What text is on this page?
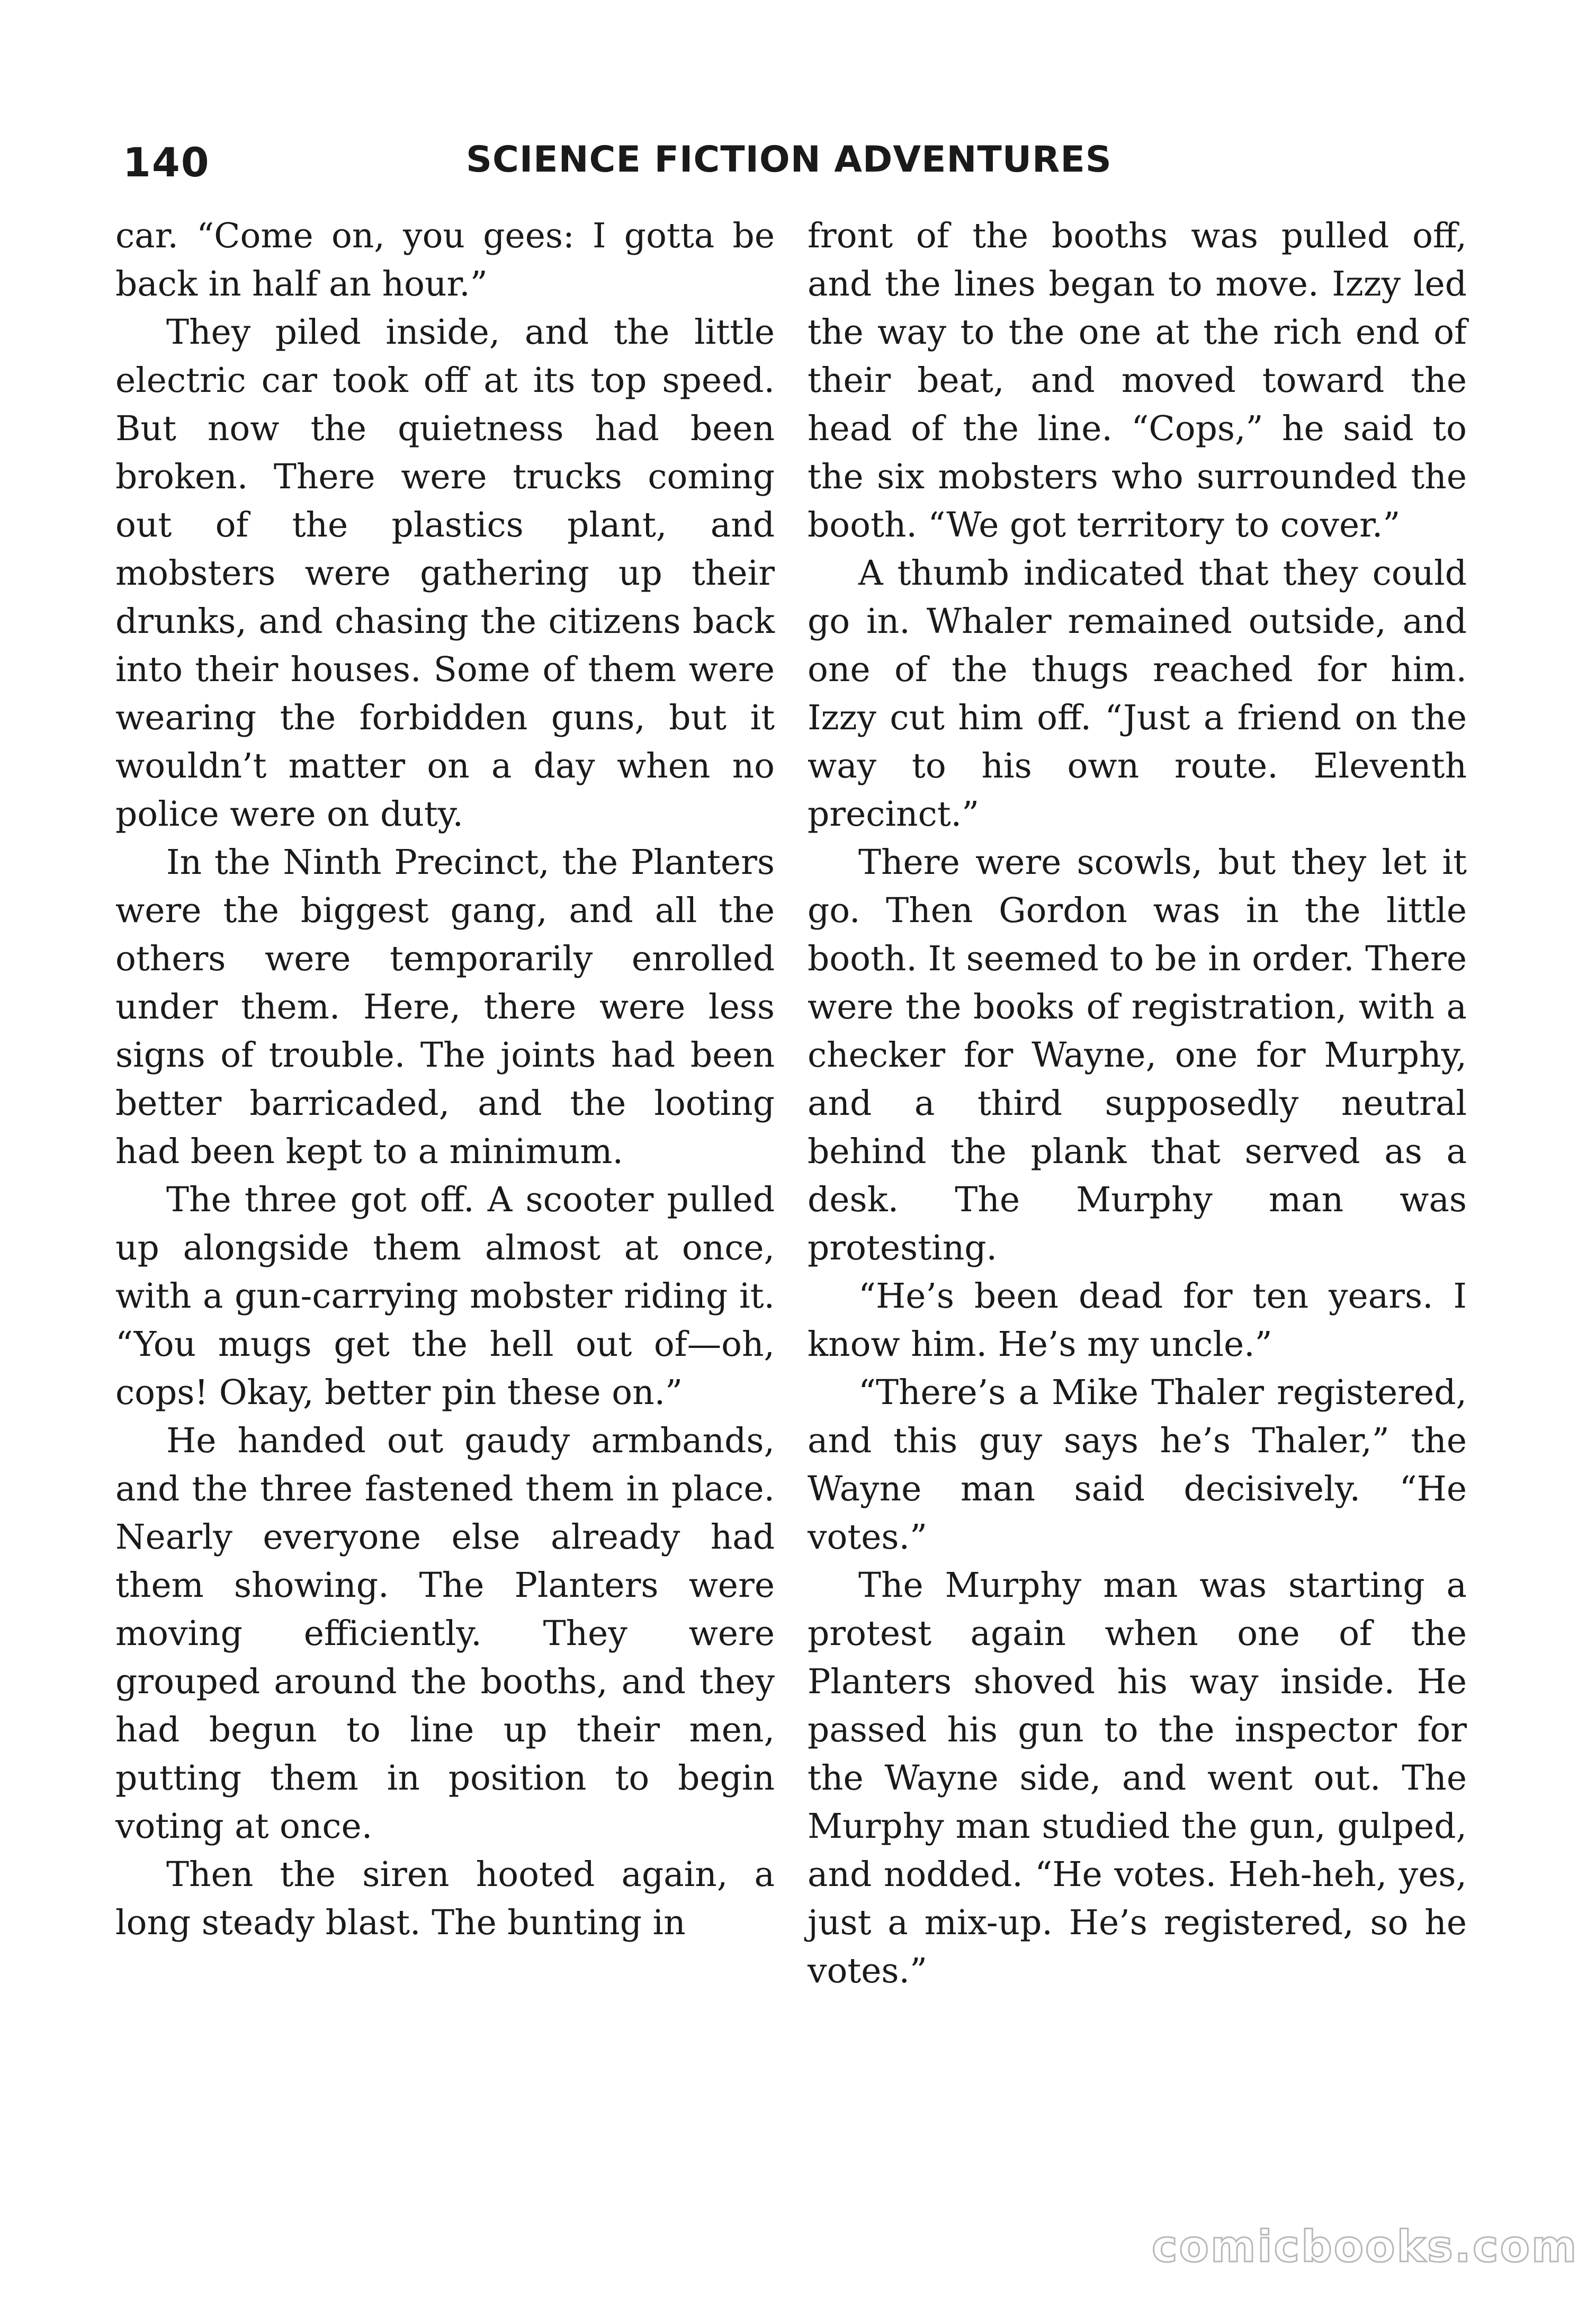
140	SCIENCE FICTION ADVENTURES

car. “Come on, you gees: I gotta be back in half an hour.”

They piled inside, and the little electric car took off at its top speed. But now the quietness had been broken. There were trucks coming out of the plastics plant, and mobsters were gathering up their drunks, and chasing the citizens back into their houses. Some of them were wearing the forbidden guns, but it wouldn’t matter on a day when no police were on duty.

In the Ninth Precinct, the Planters were the biggest gang, and all the others were temporarily enrolled under them. Here, there were less signs of trouble. The joints had been better barricaded, and the looting had been kept to a minimum.

The three got off. A scooter pulled up alongside them almost at once, with a gun-carrying mobster riding it. “You mugs get the hell out of—oh, cops! Okay, better pin these on.”

He handed out gaudy armbands, and the three fastened them in place. Nearly everyone else already had them showing. The Planters were moving efficiently. They were grouped around the booths, and they had begun to line up their men, putting them in position to begin voting at once.

Then the siren hooted again, a long steady blast. The bunting in

front of the booths was pulled off, and the lines began to move. Izzy led the way to the one at the rich end of their beat, and moved toward the head of the line. “Cops,” he said to the six mobsters who surrounded the booth. “We got territory to cover.”

A thumb indicated that they could go in. Whaler remained outside, and one of the thugs reached for him. Izzy cut him off. “Just a friend on the way to his own route. Eleventh precinct.”

There were scowls, but they let it go. Then Gordon was in the little booth. It seemed to be in order. There were the books of registration, with a checker for Wayne, one for Murphy, and a third supposedly neutral behind the plank that served as a desk. The Murphy man was protesting.

“He’s been dead for ten years. I know him. He’s my uncle.”

“There’s a Mike Thaler registered, and this guy says he’s Thaler,” the Wayne man said decisively. “He votes.”

The Murphy man was starting a protest again when one of the Planters shoved his way inside. He passed his gun to the inspector for the Wayne side, and went out. The Murphy man studied the gun, gulped, and nodded. “He votes. Heh-heh, yes, just a mix-up. He’s registered, so he votes.”

comicbooks.com
